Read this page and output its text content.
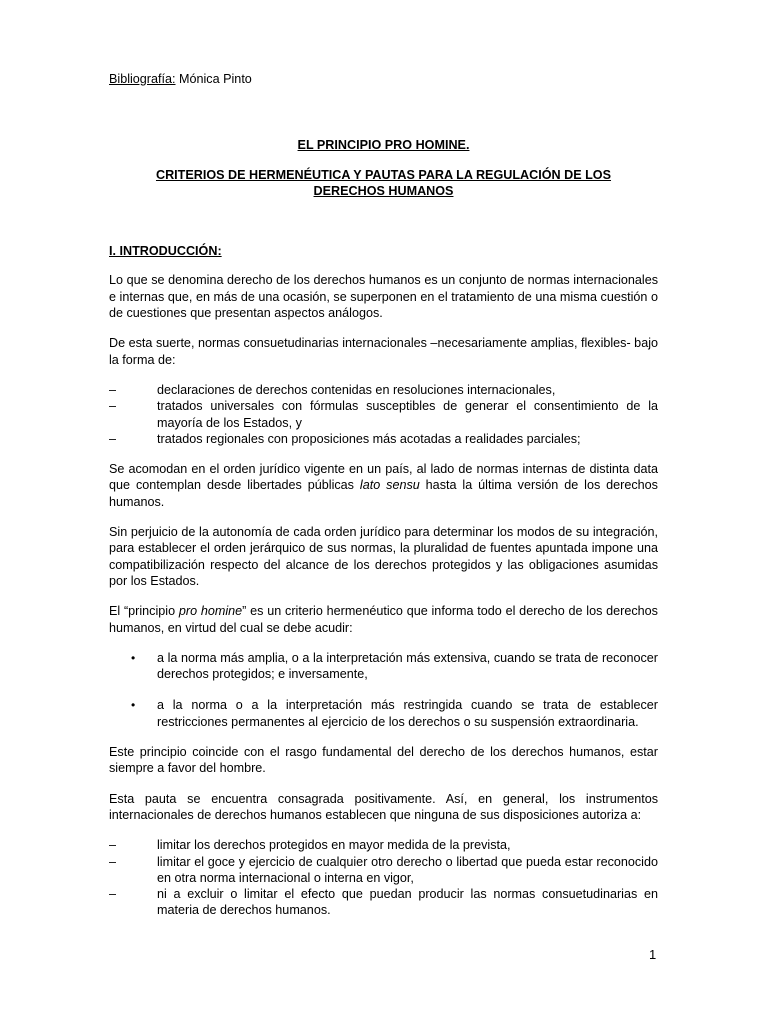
Bibliografía: Mónica Pinto

EL PRINCIPIO PRO HOMINE.

CRITERIOS DE HERMENÉUTICA Y PAUTAS PARA LA REGULACIÓN DE LOS DERECHOS HUMANOS

I. INTRODUCCIÓN:

Lo que se denomina derecho de los derechos humanos es un conjunto de normas internacionales e internas que, en más de una ocasión, se superponen en el tratamiento de una misma cuestión o de cuestiones que presentan aspectos análogos.

De esta suerte, normas consuetudinarias internacionales –necesariamente amplias, flexibles- bajo la forma de:

–	declaraciones de derechos contenidas en resoluciones internacionales,
–	tratados universales con fórmulas susceptibles de generar el consentimiento de la mayoría de los Estados, y
–	tratados regionales con proposiciones más acotadas a realidades parciales;

Se acomodan en el orden jurídico vigente en un país, al lado de normas internas de distinta data que contemplan desde libertades públicas lato sensu hasta la última versión de los derechos humanos.

Sin perjuicio de la autonomía de cada orden jurídico para determinar los modos de su integración, para establecer el orden jerárquico de sus normas, la pluralidad de fuentes apuntada impone una compatibilización respecto del alcance de los derechos protegidos y las obligaciones asumidas por los Estados.

El “principio pro homine” es un criterio hermenéutico que informa todo el derecho de los derechos humanos, en virtud del cual se debe acudir:

• a la norma más amplia, o a la interpretación más extensiva, cuando se trata de reconocer derechos protegidos; e inversamente,
• a la norma o a la interpretación más restringida cuando se trata de establecer restricciones permanentes al ejercicio de los derechos o su suspensión extraordinaria.

Este principio coincide con el rasgo fundamental del derecho de los derechos humanos, estar siempre a favor del hombre.

Esta pauta se encuentra consagrada positivamente. Así, en general, los instrumentos internacionales de derechos humanos establecen que ninguna de sus disposiciones autoriza a:

–	limitar los derechos protegidos en mayor medida de la prevista,
–	limitar el goce y ejercicio de cualquier otro derecho o libertad que pueda estar reconocido en otra norma internacional o interna en vigor,
–	ni a excluir o limitar el efecto que puedan producir las normas consuetudinarias en materia de derechos humanos.
1
